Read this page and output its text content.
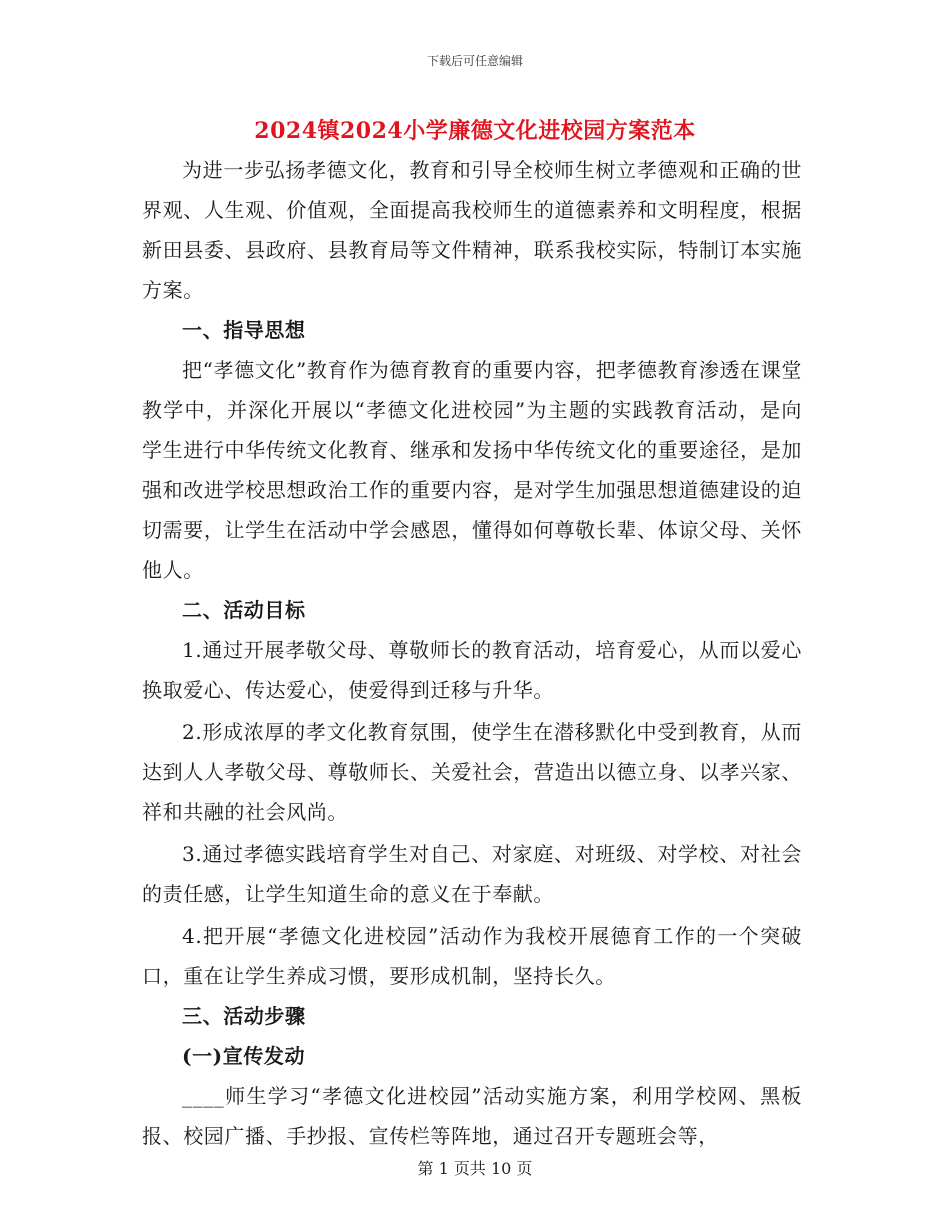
下载后可任意编辑
2024镇2024小学廉德文化进校园方案范本

为进一步弘扬孝德文化，教育和引导全校师生树立孝德观和正确的世界观、人生观、价值观，全面提高我校师生的道德素养和文明程度，根据新田县委、县政府、县教育局等文件精神，联系我校实际，特制订本实施方案。

一、指导思想

把“孝德文化”教育作为德育教育的重要内容，把孝德教育渗透在课堂教学中，并深化开展以“孝德文化进校园”为主题的实践教育活动，是向学生进行中华传统文化教育、继承和发扬中华传统文化的重要途径，是加强和改进学校思想政治工作的重要内容，是对学生加强思想道德建设的迫切需要，让学生在活动中学会感恩，懂得如何尊敬长辈、体谅父母、关怀他人。

二、活动目标

1.通过开展孝敬父母、尊敬师长的教育活动，培育爱心，从而以爱心换取爱心、传达爱心，使爱得到迁移与升华。

2.形成浓厚的孝文化教育氛围，使学生在潜移默化中受到教育，从而达到人人孝敬父母、尊敬师长、关爱社会，营造出以德立身、以孝兴家、祥和共融的社会风尚。

3.通过孝德实践培育学生对自己、对家庭、对班级、对学校、对社会的责任感，让学生知道生命的意义在于奉献。

4.把开展“孝德文化进校园”活动作为我校开展德育工作的一个突破口，重在让学生养成习惯，要形成机制，坚持长久。

三、活动步骤

(一)宣传发动

____师生学习“孝德文化进校园”活动实施方案，利用学校网、黑板报、校园广播、手抄报、宣传栏等阵地，通过召开专题班会等，

第 1 页共 10 页
